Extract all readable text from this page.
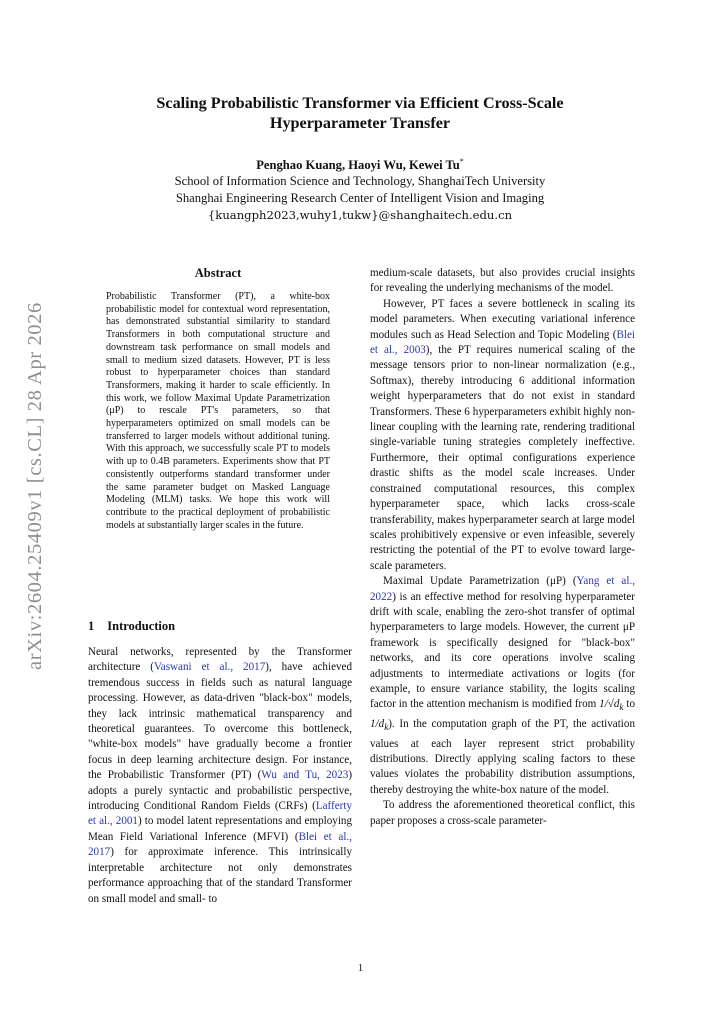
arXiv:2604.25409v1 [cs.CL] 28 Apr 2026
Scaling Probabilistic Transformer via Efficient Cross-Scale
Hyperparameter Transfer
Penghao Kuang, Haoyi Wu, Kewei Tu*
School of Information Science and Technology, ShanghaiTech University
Shanghai Engineering Research Center of Intelligent Vision and Imaging
{kuangph2023,wuhy1,tukw}@shanghaitech.edu.cn
Abstract
Probabilistic Transformer (PT), a white-box probabilistic model for contextual word representation, has demonstrated substantial similarity to standard Transformers in both computational structure and downstream task performance on small models and small to medium sized datasets. However, PT is less robust to hyperparameter choices than standard Transformers, making it harder to scale efficiently. In this work, we follow Maximal Update Parametrization (μP) to rescale PT's parameters, so that hyperparameters optimized on small models can be transferred to larger models without additional tuning. With this approach, we successfully scale PT to models with up to 0.4B parameters. Experiments show that PT consistently outperforms standard transformer under the same parameter budget on Masked Language Modeling (MLM) tasks. We hope this work will contribute to the practical deployment of probabilistic models at substantially larger scales in the future.
1 Introduction

Neural networks, represented by the Transformer architecture (Vaswani et al., 2017), have achieved tremendous success in fields such as natural language processing. However, as data-driven "black-box" models, they lack intrinsic mathematical transparency and theoretical guarantees. To overcome this bottleneck, "white-box models" have gradually become a frontier focus in deep learning architecture design. For instance, the Probabilistic Transformer (PT) (Wu and Tu, 2023) adopts a purely syntactic and probabilistic perspective, introducing Conditional Random Fields (CRFs) (Lafferty et al., 2001) to model latent representations and employing Mean Field Variational Inference (MFVI) (Blei et al., 2017) for approximate inference. This intrinsically interpretable architecture not only demonstrates performance approaching that of the standard Transformer on small model and small- to

medium-scale datasets, but also provides crucial insights for revealing the underlying mechanisms of the model.

However, PT faces a severe bottleneck in scaling its model parameters. When executing variational inference modules such as Head Selection and Topic Modeling (Blei et al., 2003), the PT requires numerical scaling of the message tensors prior to non-linear normalization (e.g., Softmax), thereby introducing 6 additional information weight hyperparameters that do not exist in standard Transformers. These 6 hyperparameters exhibit highly non-linear coupling with the learning rate, rendering traditional single-variable tuning strategies completely ineffective. Furthermore, their optimal configurations experience drastic shifts as the model scale increases. Under constrained computational resources, this complex hyperparameter space, which lacks cross-scale transferability, makes hyperparameter search at large model scales prohibitively expensive or even infeasible, severely restricting the potential of the PT to evolve toward large-scale parameters.

Maximal Update Parametrization (μP) (Yang et al., 2022) is an effective method for resolving hyperparameter drift with scale, enabling the zero-shot transfer of optimal hyperparameters to large models. However, the current μP framework is specifically designed for "black-box" networks, and its core operations involve scaling adjustments to intermediate activations or logits (for example, to ensure variance stability, the logits scaling factor in the attention mechanism is modified from $1/√d_k$ to $1/d_k$). In the computation graph of the PT, the activation values at each layer represent strict probability distributions. Directly applying scaling factors to these values violates the probability distribution assumptions, thereby destroying the white-box nature of the model.

To address the aforementioned theoretical conflict, this paper proposes a cross-scale parameter-

1
